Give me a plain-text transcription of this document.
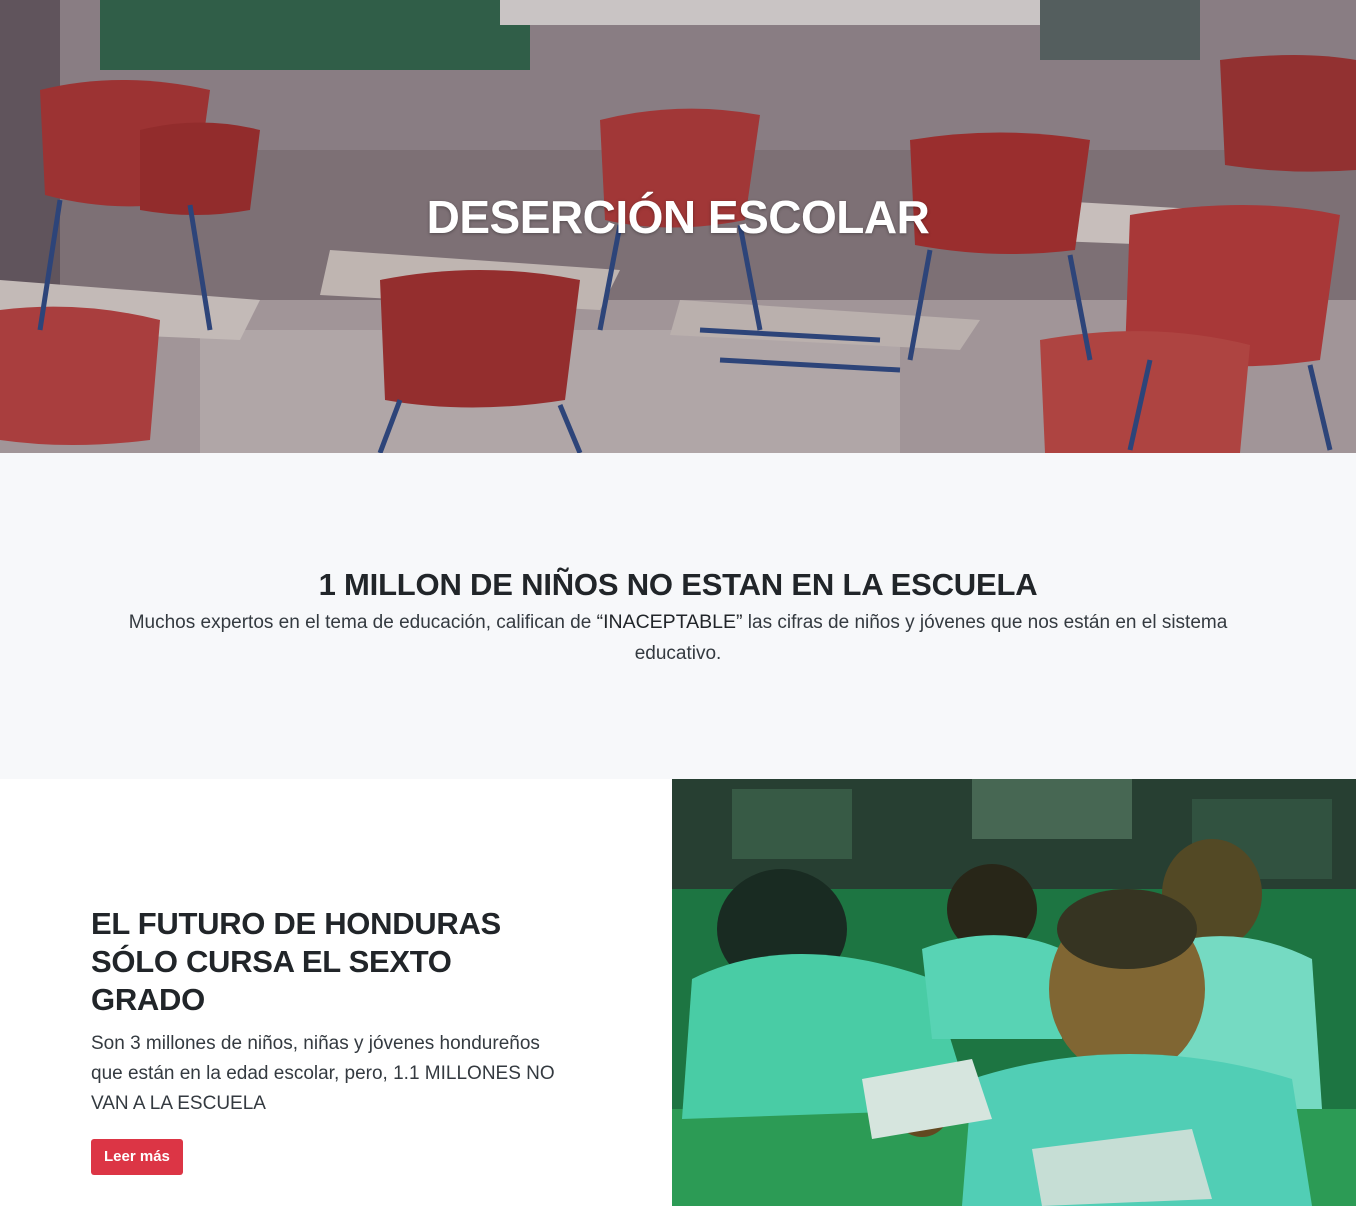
DESERCIÓN ESCOLAR
1 MILLON DE NIÑOS NO ESTAN EN LA ESCUELA

Muchos expertos en el tema de educación, califican de “INACEPTABLE” las cifras de niños y jóvenes que nos están en el sistema educativo.

EL FUTURO DE HONDURAS SÓLO CURSA EL SEXTO GRADO

Son 3 millones de niños, niñas y jóvenes hondureños que están en la edad escolar, pero, 1.1 MILLONES NO VAN A LA ESCUELA

Leer más
